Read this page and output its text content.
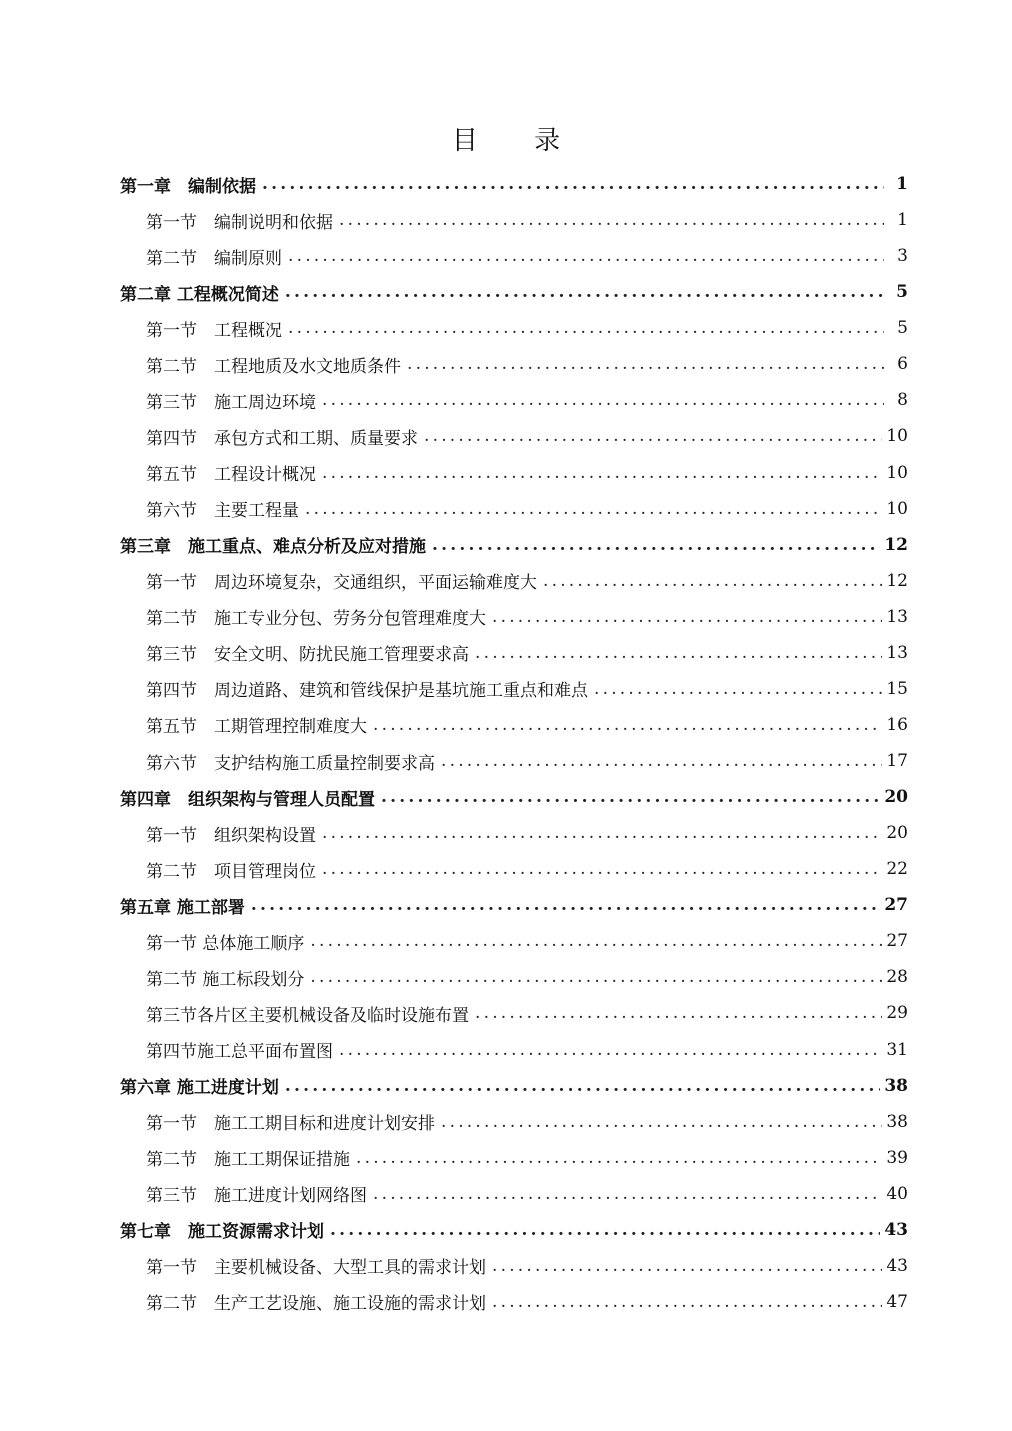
目 录
第一章　编制依据 .....	1
第一节　编制说明和依据 .....	1
第二节　编制原则 .....	3
第二章 工程概况简述 .....	5
第一节　工程概况 .....	5
第二节　工程地质及水文地质条件 .....	6
第三节　施工周边环境 .....	8
第四节　承包方式和工期、质量要求 .....	10
第五节　工程设计概况 .....	10
第六节　主要工程量 .....	10
第三章　施工重点、难点分析及应对措施 .....	12
第一节　周边环境复杂，交通组织，平面运输难度大 .....	12
第二节　施工专业分包、劳务分包管理难度大 .....	13
第三节　安全文明、防扰民施工管理要求高 .....	13
第四节　周边道路、建筑和管线保护是基坑施工重点和难点 .....	15
第五节　工期管理控制难度大 .....	16
第六节　支护结构施工质量控制要求高 .....	17
第四章　组织架构与管理人员配置 .....	20
第一节　组织架构设置 .....	20
第二节　项目管理岗位 .....	22
第五章 施工部署 .....	27
第一节 总体施工顺序 .....	27
第二节 施工标段划分 .....	28
第三节各片区主要机械设备及临时设施布置 .....	29
第四节施工总平面布置图 .....	31
第六章 施工进度计划 .....	38
第一节　施工工期目标和进度计划安排 .....	38
第二节　施工工期保证措施 .....	39
第三节　施工进度计划网络图 .....	40
第七章　施工资源需求计划 .....	43
第一节　主要机械设备、大型工具的需求计划 .....	43
第二节　生产工艺设施、施工设施的需求计划 .....	47
